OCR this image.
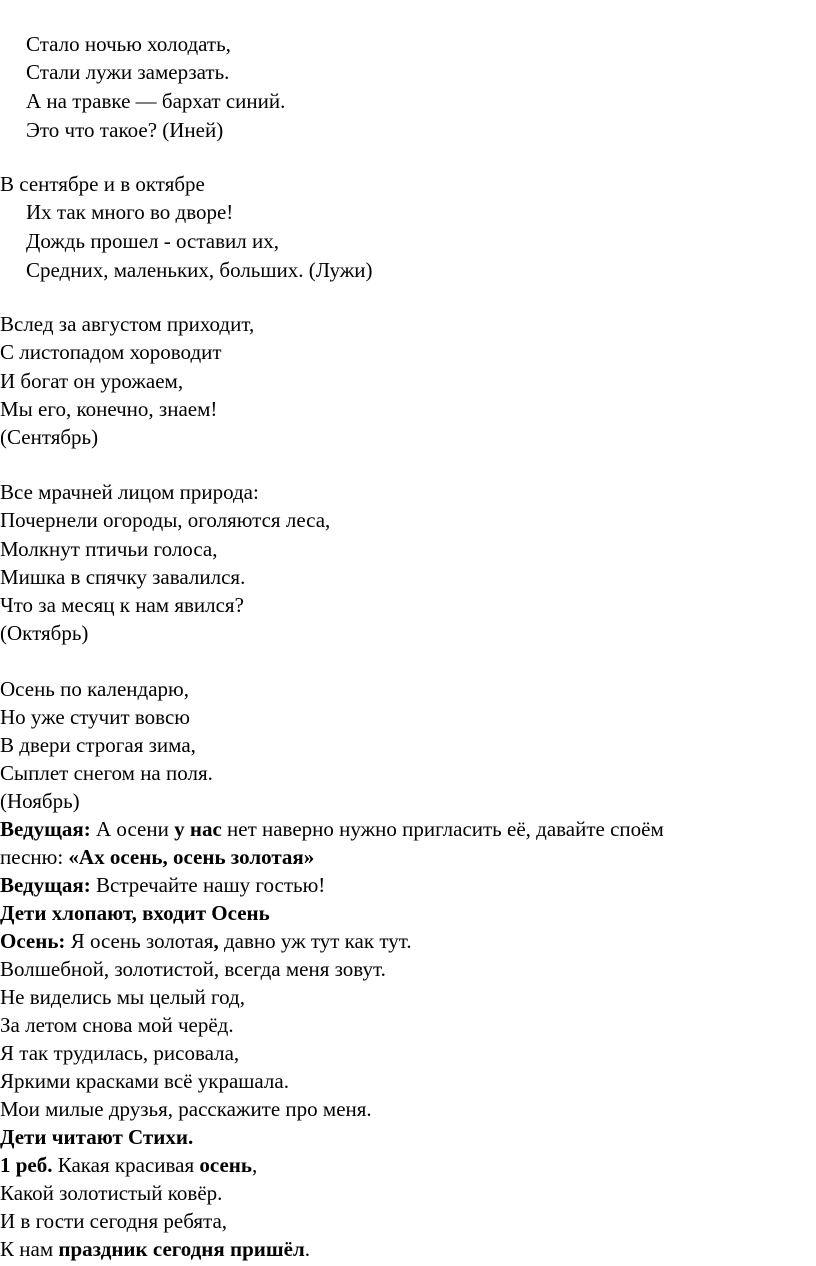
Стало ночью холодать,
Стали лужи замерзать.
А на травке — бархат синий.
Это что такое? (Иней)
В сентябре и в октябре
Их так много во дворе!
Дождь прошел - оставил их,
Средних, маленьких, больших. (Лужи)
Вслед за августом приходит,
С листопадом хороводит
И богат он урожаем,
Мы его, конечно, знаем!
(Сентябрь)
Все мрачней лицом природа:
Почернели огороды, оголяются леса,
Молкнут птичьи голоса,
Мишка в спячку завалился.
Что за месяц к нам явился?
(Октябрь)
Осень по календарю,
Но уже стучит вовсю
В двери строгая зима,
Сыплет снегом на поля.
(Ноябрь)
Ведущая: А осени у нас нет наверно нужно пригласить её, давайте спoём
песню: «Ах осень, осень золотая»
Ведущая: Встречайте нашу гостью!
Дети хлопают, входит Осень
Осень: Я осень золотая, давно уж тут как тут.
Волшебной, золотистой, всегда меня зовут.
Не виделись мы целый год,
За летом снова мой черёд.
Я так трудилась, рисовала,
Яркими красками всё украшала.
Мои милые друзья, расскажите про меня.
Дети читают Стихи.
1 реб. Какая красивая осень,
Какой золотистый ковёр.
И в гости сегодня ребята,
К нам праздник сегодня пришёл.
